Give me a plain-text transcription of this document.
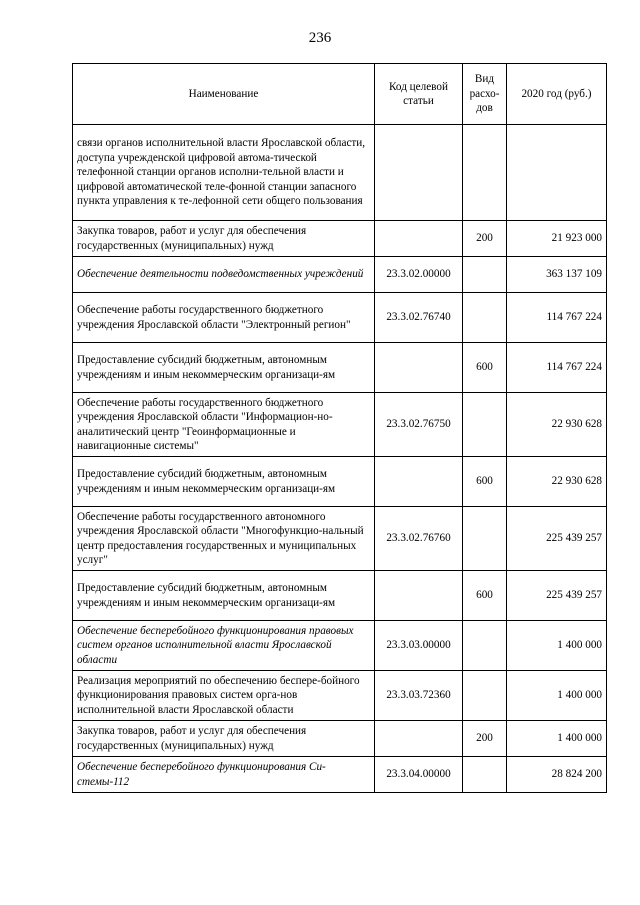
236
Наименование	Код целевой статьи	Вид расхо-дов	2020 год (руб.)
связи органов исполнительной власти Ярославской области, доступа учрежденской цифровой автома-тической телефонной станции органов исполни-тельной власти и цифровой автоматической теле-фонной станции запасного пункта управления к те-лефонной сети общего пользования			
Закупка товаров, работ и услуг для обеспечения государственных (муниципальных) нужд		200	21 923 000
Обеспечение деятельности подведомственных учреждений	23.3.02.00000		363 137 109
Обеспечение работы государственного бюджетного учреждения Ярославской области "Электронный регион"	23.3.02.76740		114 767 224
Предоставление субсидий бюджетным, автономным учреждениям и иным некоммерческим организаци-ям		600	114 767 224
Обеспечение работы государственного бюджетного учреждения Ярославской области "Информацион-но-аналитический центр "Геоинформационные и навигационные системы"	23.3.02.76750		22 930 628
Предоставление субсидий бюджетным, автономным учреждениям и иным некоммерческим организаци-ям		600	22 930 628
Обеспечение работы государственного автономного учреждения Ярославской области "Многофункцио-нальный центр предоставления государственных и муниципальных услуг"	23.3.02.76760		225 439 257
Предоставление субсидий бюджетным, автономным учреждениям и иным некоммерческим организаци-ям		600	225 439 257
Обеспечение бесперебойного функционирования правовых систем органов исполнительной власти Ярославской области	23.3.03.00000		1 400 000
Реализация мероприятий по обеспечению беспере-бойного функционирования правовых систем орга-нов исполнительной власти Ярославской области	23.3.03.72360		1 400 000
Закупка товаров, работ и услуг для обеспечения государственных (муниципальных) нужд		200	1 400 000
Обеспечение бесперебойного функционирования Си-стемы-112	23.3.04.00000		28 824 200
